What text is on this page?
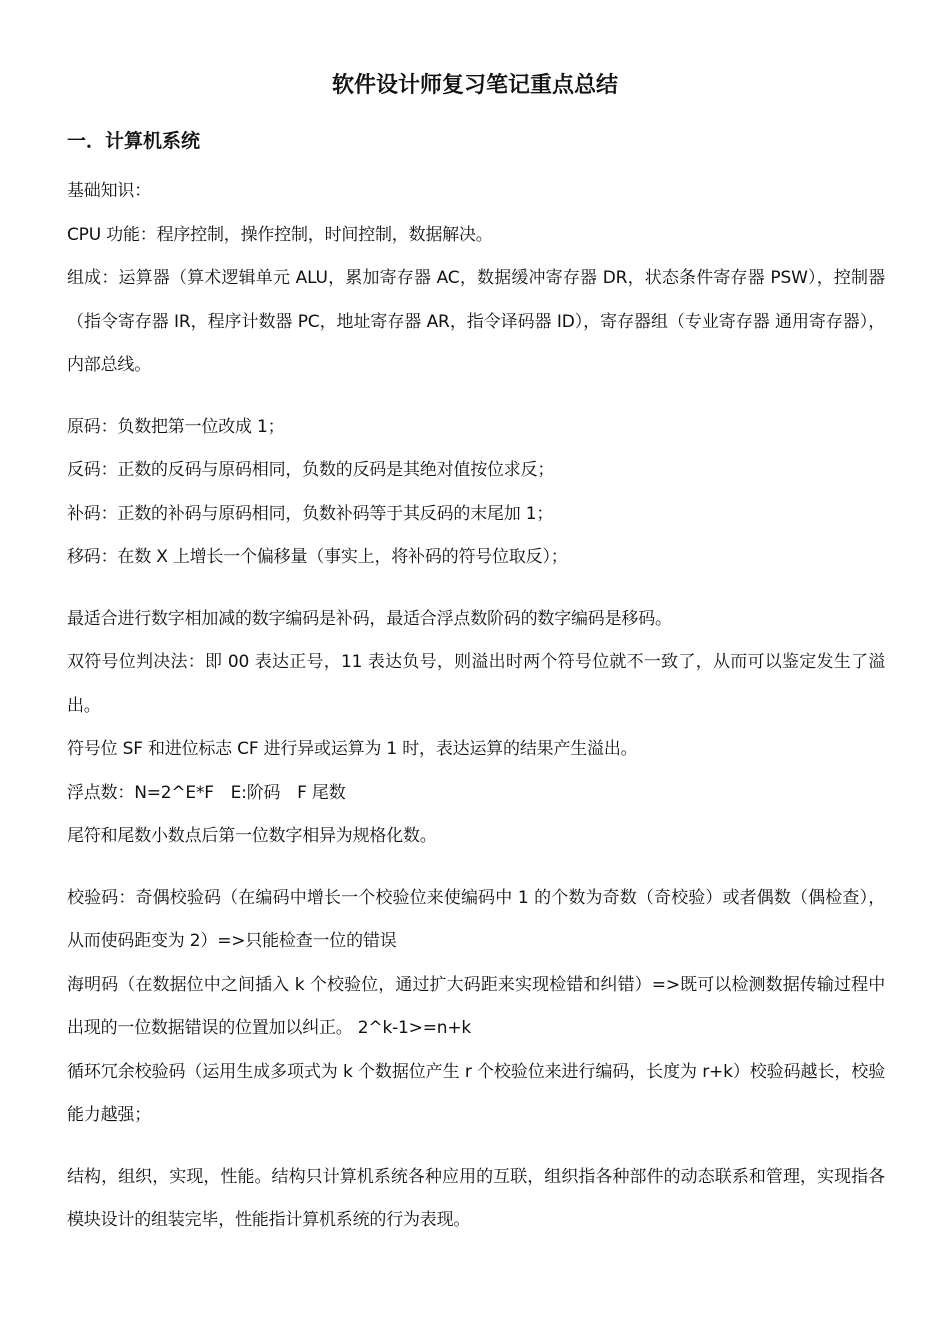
软件设计师复习笔记重点总结
一．计算机系统

基础知识：

CPU 功能：程序控制，操作控制，时间控制，数据解决。

组成：运算器（算术逻辑单元 ALU，累加寄存器 AC，数据缓冲寄存器 DR，状态条件寄存器 PSW），控制器（指令寄存器 IR，程序计数器 PC，地址寄存器 AR，指令译码器 ID），寄存器组（专业寄存器 通用寄存器），内部总线。

原码：负数把第一位改成 1；

反码：正数的反码与原码相同，负数的反码是其绝对值按位求反；

补码：正数的补码与原码相同，负数补码等于其反码的末尾加 1；

移码：在数 X 上增长一个偏移量（事实上，将补码的符号位取反）；

最适合进行数字相加减的数字编码是补码，最适合浮点数阶码的数字编码是移码。

双符号位判决法：即 00 表达正号，11 表达负号，则溢出时两个符号位就不一致了，从而可以鉴定发生了溢出。

符号位 SF 和进位标志 CF 进行异或运算为 1 时，表达运算的结果产生溢出。

浮点数：N=2^E*F　E:阶码　F 尾数

尾符和尾数小数点后第一位数字相异为规格化数。

校验码：奇偶校验码（在编码中增长一个校验位来使编码中 1 的个数为奇数（奇校验）或者偶数（偶检查），从而使码距变为 2）=>只能检查一位的错误

海明码（在数据位中之间插入 k 个校验位，通过扩大码距来实现检错和纠错）=>既可以检测数据传输过程中出现的一位数据错误的位置加以纠正。 2^k-1>=n+k

循环冗余校验码（运用生成多项式为 k 个数据位产生 r 个校验位来进行编码，长度为 r+k）校验码越长，校验能力越强；

结构，组织，实现，性能。结构只计算机系统各种应用的互联，组织指各种部件的动态联系和管理，实现指各模块设计的组装完毕，性能指计算机系统的行为表现。
